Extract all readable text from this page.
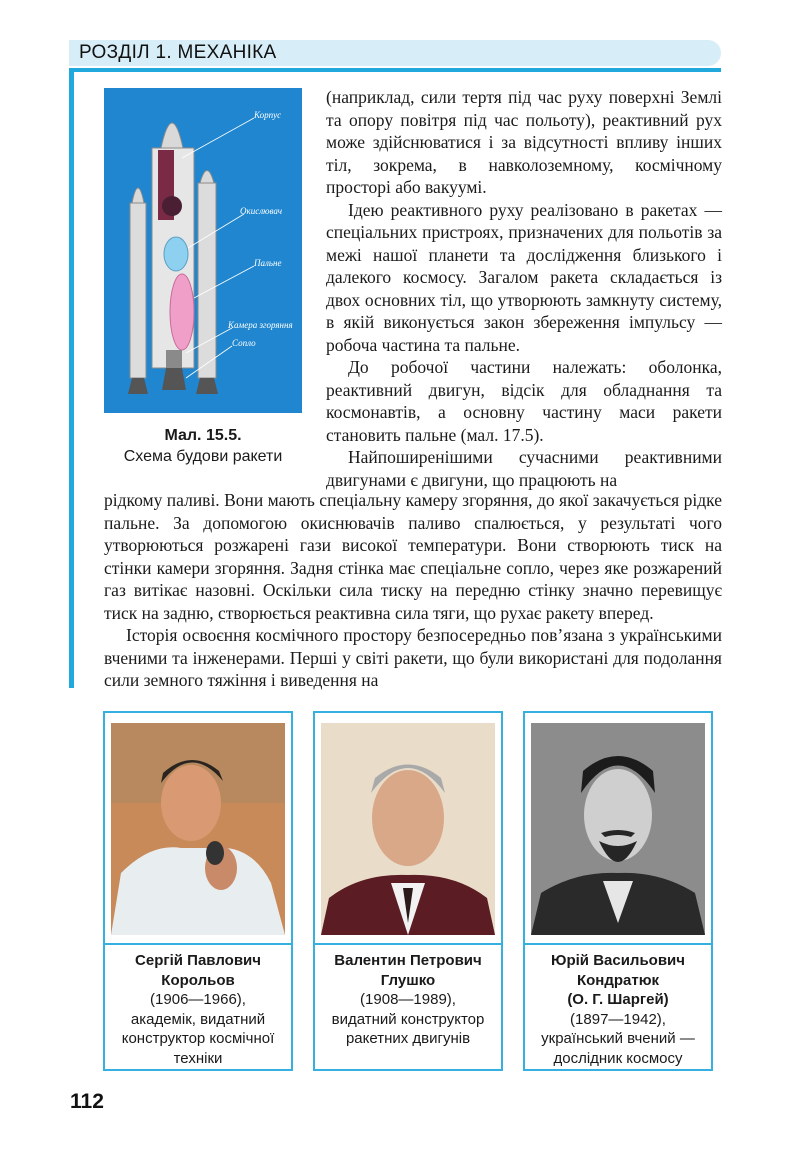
РОЗДІЛ 1. МЕХАНІКА
Корпус
Окислювач
Пальне
Камера згоряння
Сопло
Мал. 15.5.
Схема будови ракети

(наприклад, сили тертя під час руху поверхні Землі та опору повітря під час польоту), реактивний рух може здійснюватися і за відсутності впливу інших тіл, зокрема, в навколоземному, космічному просторі або вакуумі.

Ідею реактивного руху реалізовано в ракетах — спеціальних пристроях, призначених для польотів за межі нашої планети та дослідження близького і далекого космосу. Загалом ракета складається із двох основних тіл, що утворюють замкнуту систему, в якій виконується закон збереження імпульсу — робоча частина та пальне.

До робочої частини належать: оболонка, реактивний двигун, відсік для обладнання та космонавтів, а основну частину маси ракети становить пальне (мал. 17.5).

Найпоширенішими сучасними реактивними двигунами є двигуни, що працюють на

рідкому паливі. Вони мають спеціальну камеру згоряння, до якої закачується рідке пальне. За допомогою окиснювачів паливо спалюється, у результаті чого утворюються розжарені гази високої температури. Вони створюють тиск на стінки камери згоряння. Задня стінка має спеціальне сопло, через яке розжарений газ витікає назовні. Оскільки сила тиску на передню стінку значно перевищує тиск на задню, створюється реактивна сила тяги, що рухає ракету вперед.

Історія освоєння космічного простору безпосередньо пов’язана з українськими вченими та інженерами. Перші у світі ракети, що були використані для подолання сили земного тяжіння і виведення на

Сергій Павлович
Корольов
(1906—1966),
академік, видатний
конструктор космічної
техніки
Валентин Петрович
Глушко
(1908—1989),
видатний конструктор
ракетних двигунів
Юрій Васильович
Кондратюк
(О. Г. Шаргей)
(1897—1942),
український вчений —
дослідник космосу
112
